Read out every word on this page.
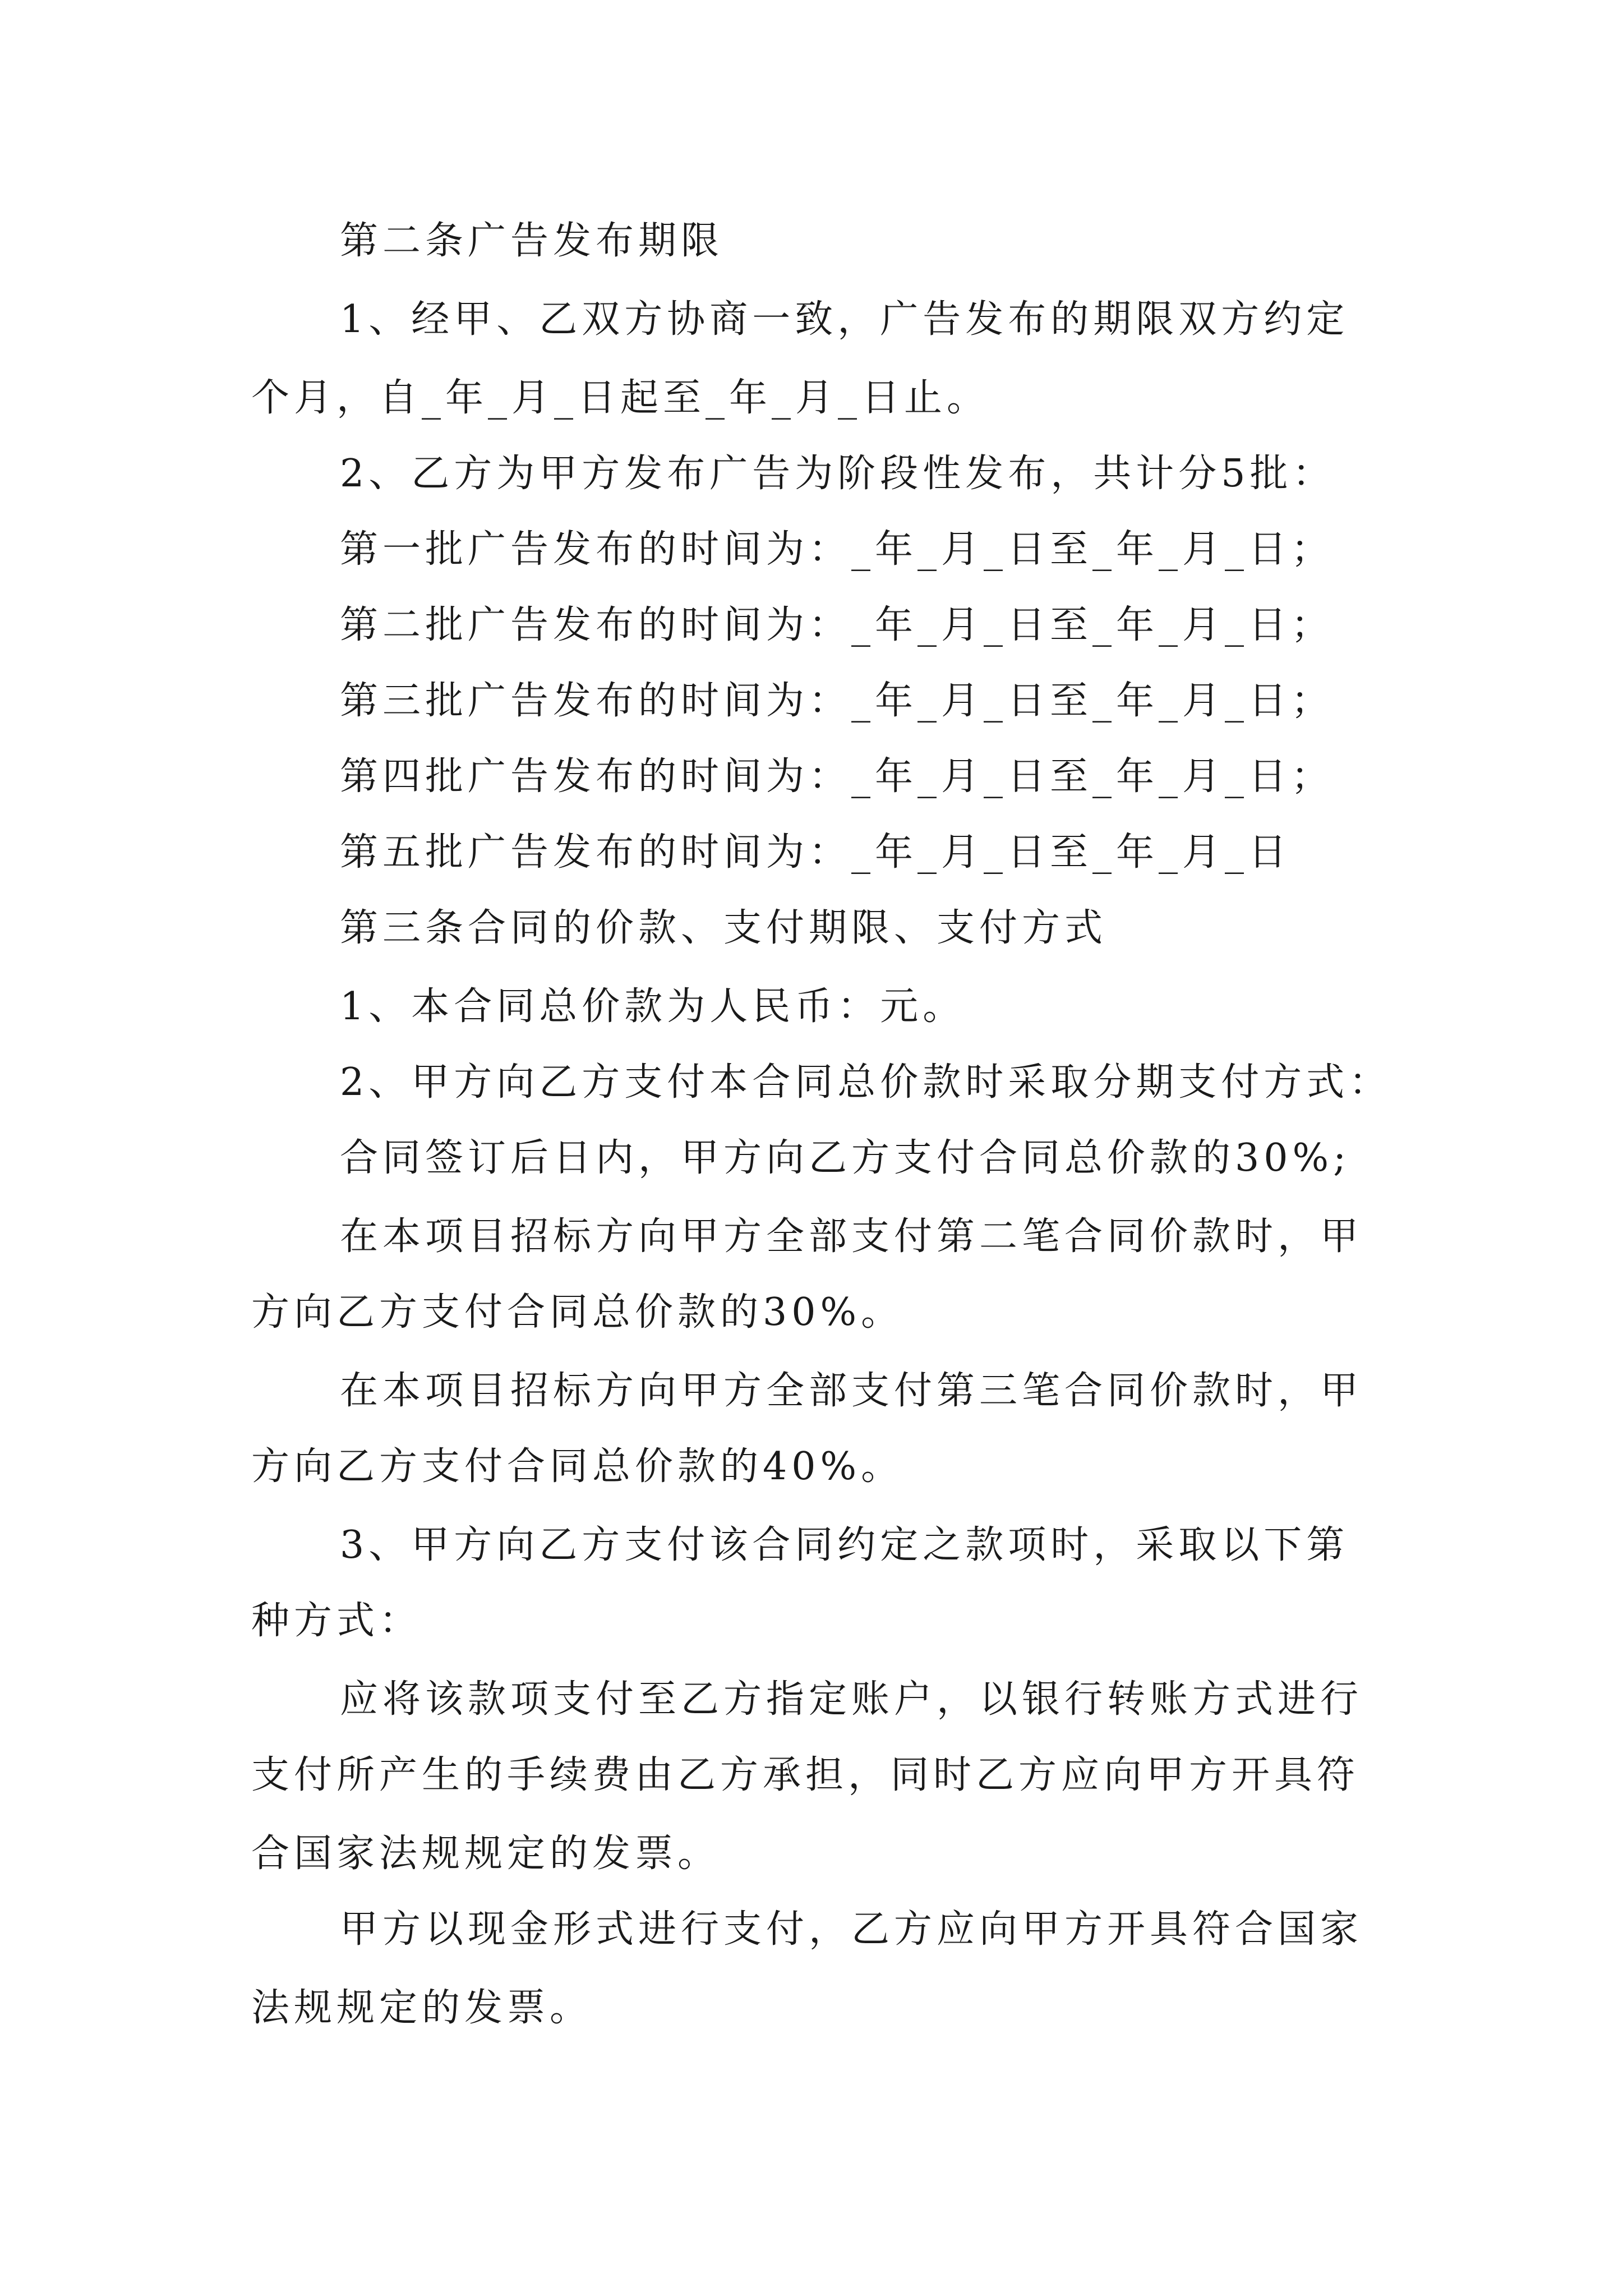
第二条广告发布期限
1、经甲、乙双方协商一致，广告发布的期限双方约定
个月，自_年_月_日起至_年_月_日止。
2、乙方为甲方发布广告为阶段性发布，共计分5批：
第一批广告发布的时间为：_年_月_日至_年_月_日；
第二批广告发布的时间为：_年_月_日至_年_月_日；
第三批广告发布的时间为：_年_月_日至_年_月_日；
第四批广告发布的时间为：_年_月_日至_年_月_日；
第五批广告发布的时间为：_年_月_日至_年_月_日
第三条合同的价款、支付期限、支付方式
1、本合同总价款为人民币：元。
2、甲方向乙方支付本合同总价款时采取分期支付方式：
合同签订后日内，甲方向乙方支付合同总价款的30%;
在本项目招标方向甲方全部支付第二笔合同价款时，甲
方向乙方支付合同总价款的30%。
在本项目招标方向甲方全部支付第三笔合同价款时，甲
方向乙方支付合同总价款的40%。
3、甲方向乙方支付该合同约定之款项时，采取以下第
种方式：
应将该款项支付至乙方指定账户，以银行转账方式进行
支付所产生的手续费由乙方承担，同时乙方应向甲方开具符
合国家法规规定的发票。
甲方以现金形式进行支付，乙方应向甲方开具符合国家
法规规定的发票。
